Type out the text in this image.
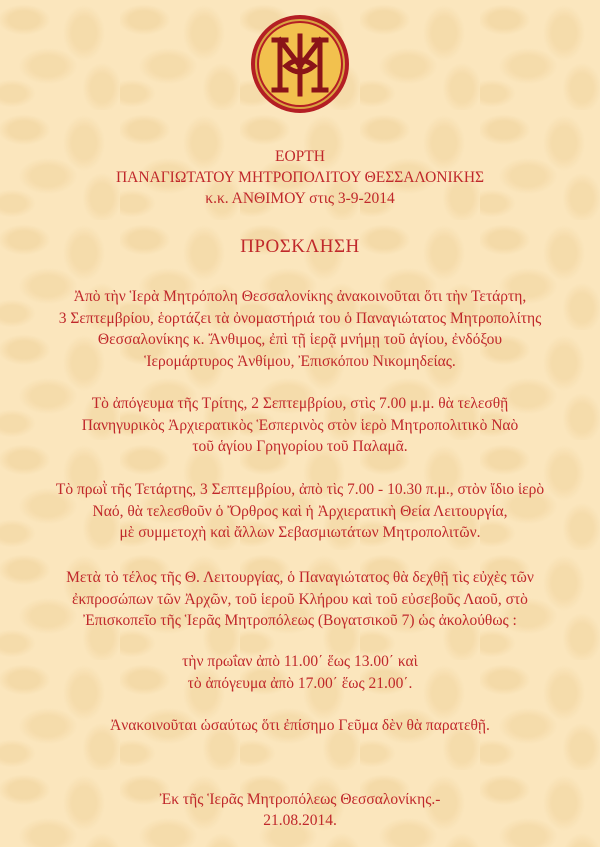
ΕΟΡΤΗ
ΠΑΝΑΓΙΩΤΑΤΟΥ ΜΗΤΡΟΠΟΛΙΤΟΥ ΘΕΣΣΑΛΟΝΙΚΗΣ
κ.κ. ΑΝΘΙΜΟΥ στις 3-9-2014
ΠΡΟΣΚΛΗΣΗ
Ἀπὸ τὴν Ἱερὰ Μητρόπολη Θεσσαλονίκης ἀνακοινοῦται ὅτι τὴν Τετάρτη,
3 Σεπτεμβρίου, ἑορτάζει τὰ ὀνομαστήριά του ὁ Παναγιώτατος Μητροπολίτης
Θεσσαλονίκης κ. Ἄνθιμος, ἐπὶ τῇ ἱερᾷ μνήμῃ τοῦ ἁγίου, ἐνδόξου
Ἱερομάρτυρος Ἀνθίμου, Ἐπισκόπου Νικομηδείας.
Τὸ ἀπόγευμα τῆς Τρίτης, 2 Σεπτεμβρίου, στὶς 7.00 μ.μ. θὰ τελεσθῇ
Πανηγυρικὸς Ἀρχιερατικὸς Ἑσπερινὸς στὸν ἱερὸ Μητροπολιτικὸ Ναὸ
τοῦ ἁγίου Γρηγορίου τοῦ Παλαμᾶ.
Τὸ πρωῒ τῆς Τετάρτης, 3 Σεπτεμβρίου, ἀπὸ τὶς 7.00 - 10.30 π.μ., στὸν ἴδιο ἱερὸ
Ναό, θὰ τελεσθοῦν ὁ Ὄρθρος καὶ ἡ Ἀρχιερατικὴ Θεία Λειτουργία,
μὲ συμμετοχὴ καὶ ἄλλων Σεβασμιωτάτων Μητροπολιτῶν.
Μετὰ τὸ τέλος τῆς Θ. Λειτουργίας, ὁ Παναγιώτατος θὰ δεχθῇ τὶς εὐχὲς τῶν
ἐκπροσώπων τῶν Ἀρχῶν, τοῦ ἱεροῦ Κλήρου καὶ τοῦ εὐσεβοῦς Λαοῦ, στὸ
Ἐπισκοπεῖο τῆς Ἱερᾶς Μητροπόλεως (Βογατσικοῦ 7) ὡς ἀκολούθως :
τὴν πρωΐαν ἀπὸ 11.00΄ ἕως 13.00΄ καὶ
τὸ ἀπόγευμα ἀπὸ 17.00΄ ἕως 21.00΄.
Ἀνακοινοῦται ὡσαύτως ὅτι ἐπίσημο Γεῦμα δὲν θὰ παρατεθῇ.
Ἐκ τῆς Ἱερᾶς Μητροπόλεως Θεσσαλονίκης.-
21.08.2014.
